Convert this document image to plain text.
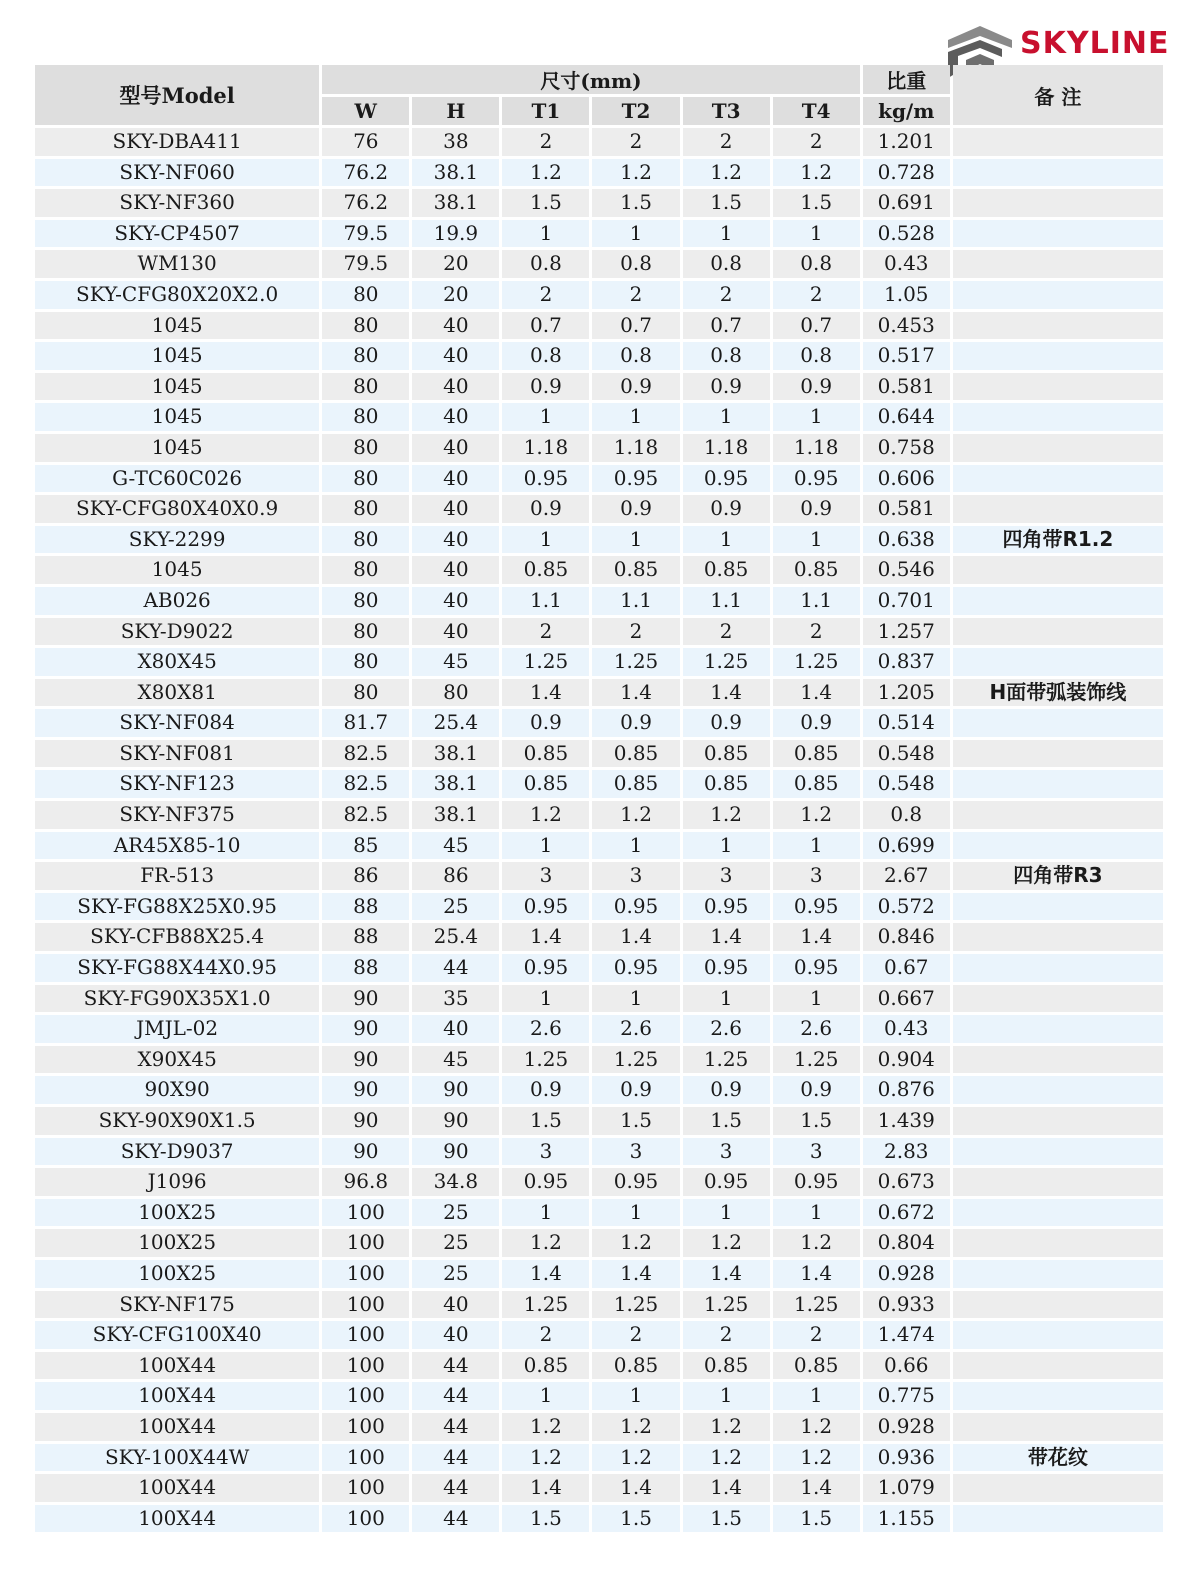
SKYLINE
型号Model	尺寸(mm)						比重	备 注
	W	H	T1	T2	T3	T4	kg/m	
SKY-DBA411	76	38	2	2	2	2	1.201	
SKY-NF060	76.2	38.1	1.2	1.2	1.2	1.2	0.728	
SKY-NF360	76.2	38.1	1.5	1.5	1.5	1.5	0.691	
SKY-CP4507	79.5	19.9	1	1	1	1	0.528	
WM130	79.5	20	0.8	0.8	0.8	0.8	0.43	
SKY-CFG80X20X2.0	80	20	2	2	2	2	1.05	
1045	80	40	0.7	0.7	0.7	0.7	0.453	
1045	80	40	0.8	0.8	0.8	0.8	0.517	
1045	80	40	0.9	0.9	0.9	0.9	0.581	
1045	80	40	1	1	1	1	0.644	
1045	80	40	1.18	1.18	1.18	1.18	0.758	
G-TC60C026	80	40	0.95	0.95	0.95	0.95	0.606	
SKY-CFG80X40X0.9	80	40	0.9	0.9	0.9	0.9	0.581	
SKY-2299	80	40	1	1	1	1	0.638	四角带R1.2
1045	80	40	0.85	0.85	0.85	0.85	0.546	
AB026	80	40	1.1	1.1	1.1	1.1	0.701	
SKY-D9022	80	40	2	2	2	2	1.257	
X80X45	80	45	1.25	1.25	1.25	1.25	0.837	
X80X81	80	80	1.4	1.4	1.4	1.4	1.205	H面带弧装饰线
SKY-NF084	81.7	25.4	0.9	0.9	0.9	0.9	0.514	
SKY-NF081	82.5	38.1	0.85	0.85	0.85	0.85	0.548	
SKY-NF123	82.5	38.1	0.85	0.85	0.85	0.85	0.548	
SKY-NF375	82.5	38.1	1.2	1.2	1.2	1.2	0.8	
AR45X85-10	85	45	1	1	1	1	0.699	
FR-513	86	86	3	3	3	3	2.67	四角带R3
SKY-FG88X25X0.95	88	25	0.95	0.95	0.95	0.95	0.572	
SKY-CFB88X25.4	88	25.4	1.4	1.4	1.4	1.4	0.846	
SKY-FG88X44X0.95	88	44	0.95	0.95	0.95	0.95	0.67	
SKY-FG90X35X1.0	90	35	1	1	1	1	0.667	
JMJL-02	90	40	2.6	2.6	2.6	2.6	0.43	
X90X45	90	45	1.25	1.25	1.25	1.25	0.904	
90X90	90	90	0.9	0.9	0.9	0.9	0.876	
SKY-90X90X1.5	90	90	1.5	1.5	1.5	1.5	1.439	
SKY-D9037	90	90	3	3	3	3	2.83	
J1096	96.8	34.8	0.95	0.95	0.95	0.95	0.673	
100X25	100	25	1	1	1	1	0.672	
100X25	100	25	1.2	1.2	1.2	1.2	0.804	
100X25	100	25	1.4	1.4	1.4	1.4	0.928	
SKY-NF175	100	40	1.25	1.25	1.25	1.25	0.933	
SKY-CFG100X40	100	40	2	2	2	2	1.474	
100X44	100	44	0.85	0.85	0.85	0.85	0.66	
100X44	100	44	1	1	1	1	0.775	
100X44	100	44	1.2	1.2	1.2	1.2	0.928	
SKY-100X44W	100	44	1.2	1.2	1.2	1.2	0.936	带花纹
100X44	100	44	1.4	1.4	1.4	1.4	1.079	
100X44	100	44	1.5	1.5	1.5	1.5	1.155	
